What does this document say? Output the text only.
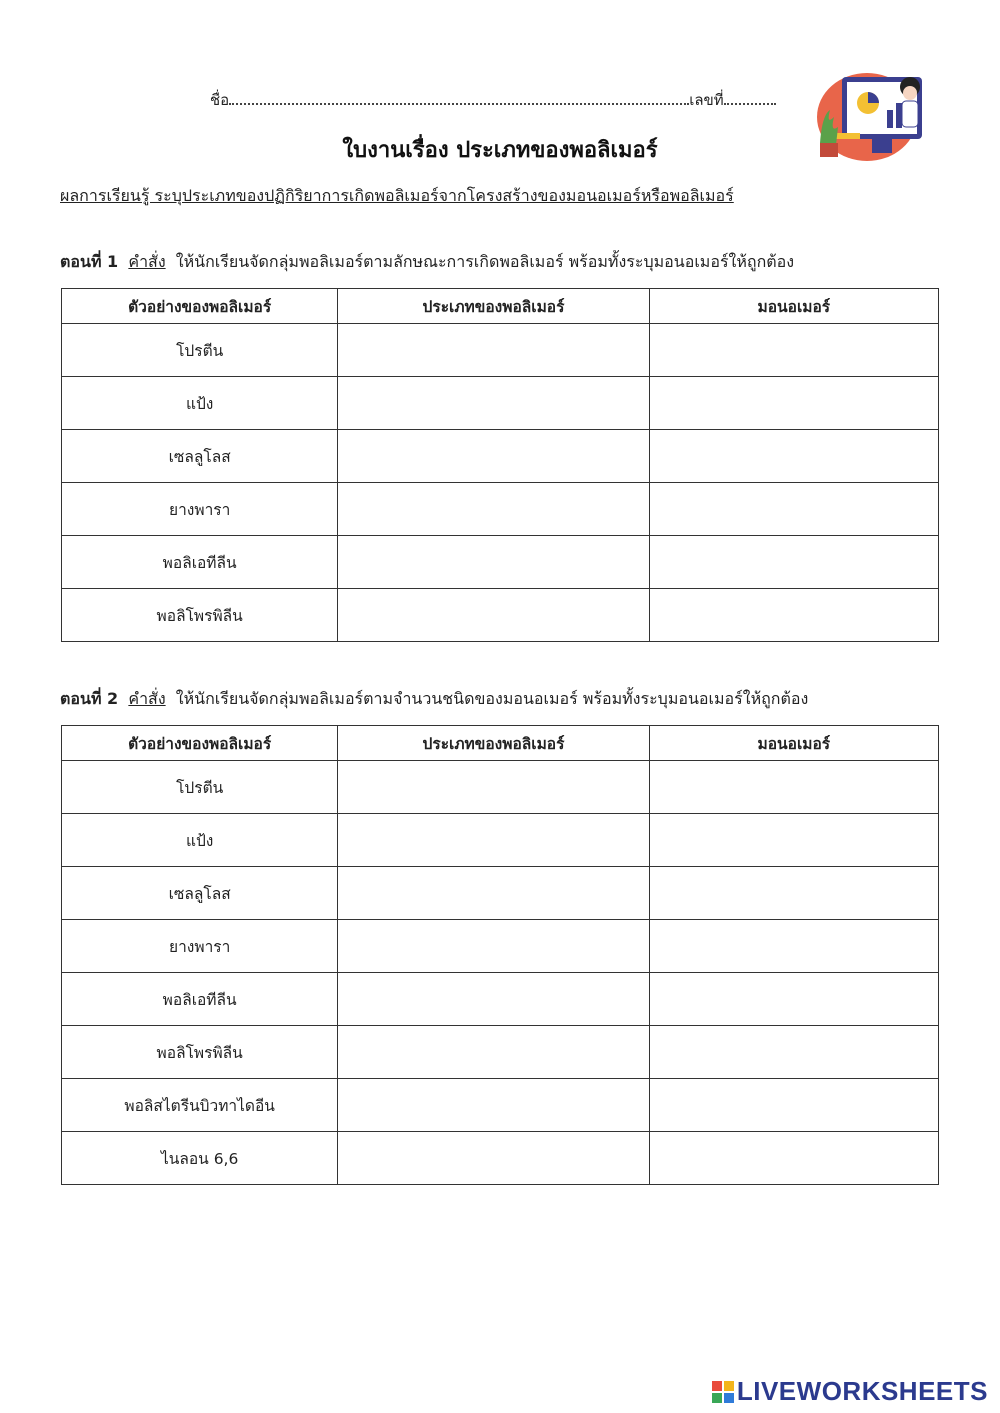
ชื่อ	เลขที่
ใบงานเรื่อง ประเภทของพอลิเมอร์
ผลการเรียนรู้ ระบุประเภทของปฏิกิริยาการเกิดพอลิเมอร์จากโครงสร้างของมอนอเมอร์หรือพอลิเมอร์
ตอนที่ 1 คำสั่ง ให้นักเรียนจัดกลุ่มพอลิเมอร์ตามลักษณะการเกิดพอลิเมอร์ พร้อมทั้งระบุมอนอเมอร์ให้ถูกต้อง
ตัวอย่างของพอลิเมอร์	ประเภทของพอลิเมอร์	มอนอเมอร์
โปรตีน		
แป้ง		
เซลลูโลส		
ยางพารา		
พอลิเอทีลีน		
พอลิโพรพิลีน		
ตอนที่ 2 คำสั่ง ให้นักเรียนจัดกลุ่มพอลิเมอร์ตามจำนวนชนิดของมอนอเมอร์ พร้อมทั้งระบุมอนอเมอร์ให้ถูกต้อง
ตัวอย่างของพอลิเมอร์	ประเภทของพอลิเมอร์	มอนอเมอร์
โปรตีน		
แป้ง		
เซลลูโลส		
ยางพารา		
พอลิเอทีลีน		
พอลิโพรพิลีน		
พอลิสไตรีนบิวทาไดอีน		
ไนลอน 6,6		
LIVEWORKSHEETS
